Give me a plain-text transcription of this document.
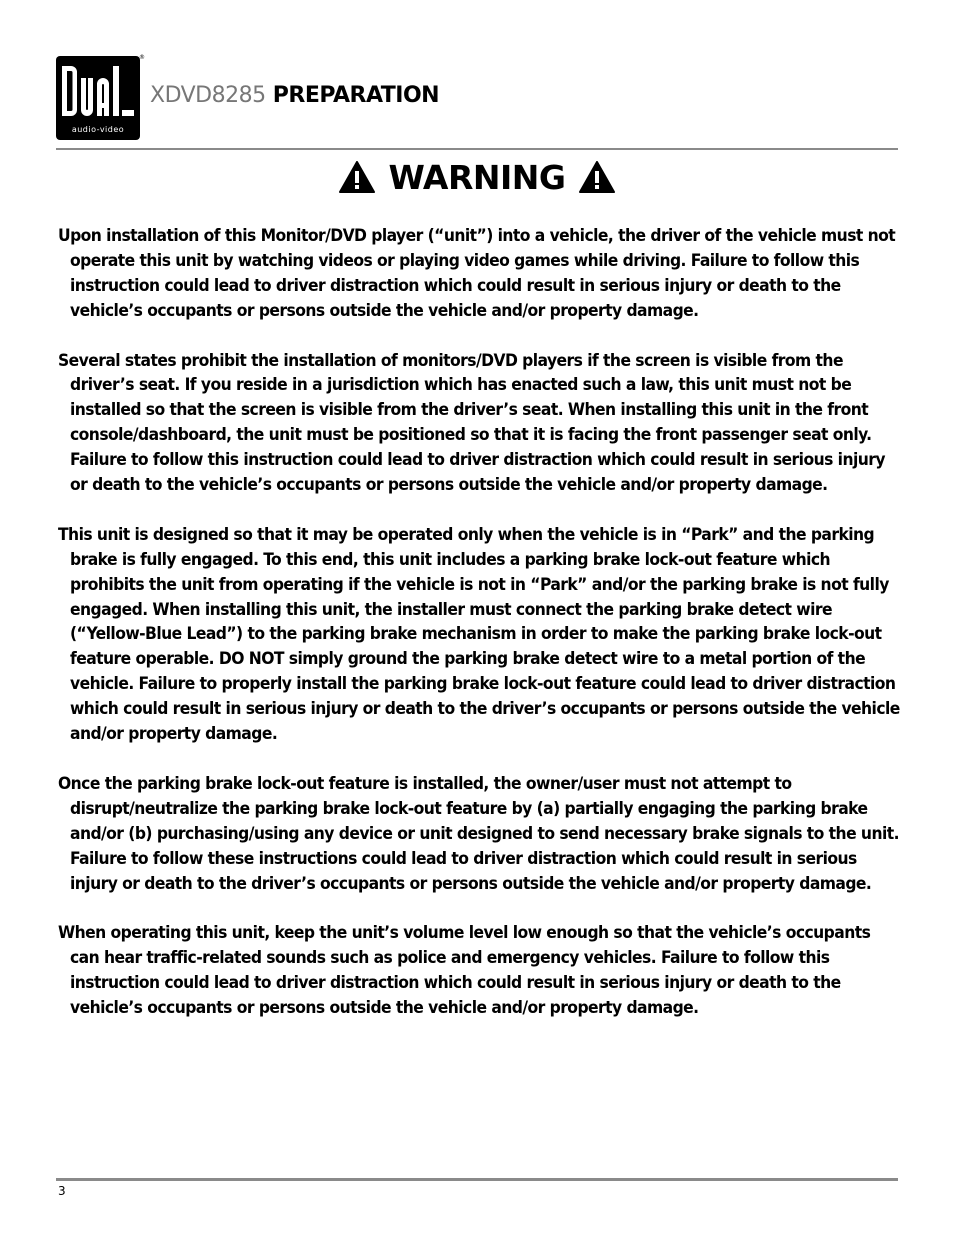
audio-video
®
XDVD8285 PREPARATION
WARNING

Upon installation of this Monitor/DVD player (“unit”) into a vehicle, the driver of the vehicle must not operate this unit by watching videos or playing video games while driving. Failure to follow this instruction could lead to driver distraction which could result in serious injury or death to the vehicle’s occupants or persons outside the vehicle and/or property damage.

Several states prohibit the installation of monitors/DVD players if the screen is visible from the driver’s seat. If you reside in a jurisdiction which has enacted such a law, this unit must not be installed so that the screen is visible from the driver’s seat. When installing this unit in the front console/dashboard, the unit must be positioned so that it is facing the front passenger seat only. Failure to follow this instruction could lead to driver distraction which could result in serious injury or death to the vehicle’s occupants or persons outside the vehicle and/or property damage.

This unit is designed so that it may be operated only when the vehicle is in “Park” and the parking brake is fully engaged. To this end, this unit includes a parking brake lock-out feature which prohibits the unit from operating if the vehicle is not in “Park” and/or the parking brake is not fully engaged. When installing this unit, the installer must connect the parking brake detect wire (“Yellow-Blue Lead”) to the parking brake mechanism in order to make the parking brake lock-out feature operable. DO NOT simply ground the parking brake detect wire to a metal portion of the vehicle. Failure to properly install the parking brake lock-out feature could lead to driver distraction which could result in serious injury or death to the driver’s occupants or persons outside the vehicle and/or property damage.

Once the parking brake lock-out feature is installed, the owner/user must not attempt to disrupt/neutralize the parking brake lock-out feature by (a) partially engaging the parking brake and/or (b) purchasing/using any device or unit designed to send necessary brake signals to the unit. Failure to follow these instructions could lead to driver distraction which could result in serious injury or death to the driver’s occupants or persons outside the vehicle and/or property damage.

When operating this unit, keep the unit’s volume level low enough so that the vehicle’s occupants can hear traffic-related sounds such as police and emergency vehicles. Failure to follow this instruction could lead to driver distraction which could result in serious injury or death to the vehicle’s occupants or persons outside the vehicle and/or property damage.

3
